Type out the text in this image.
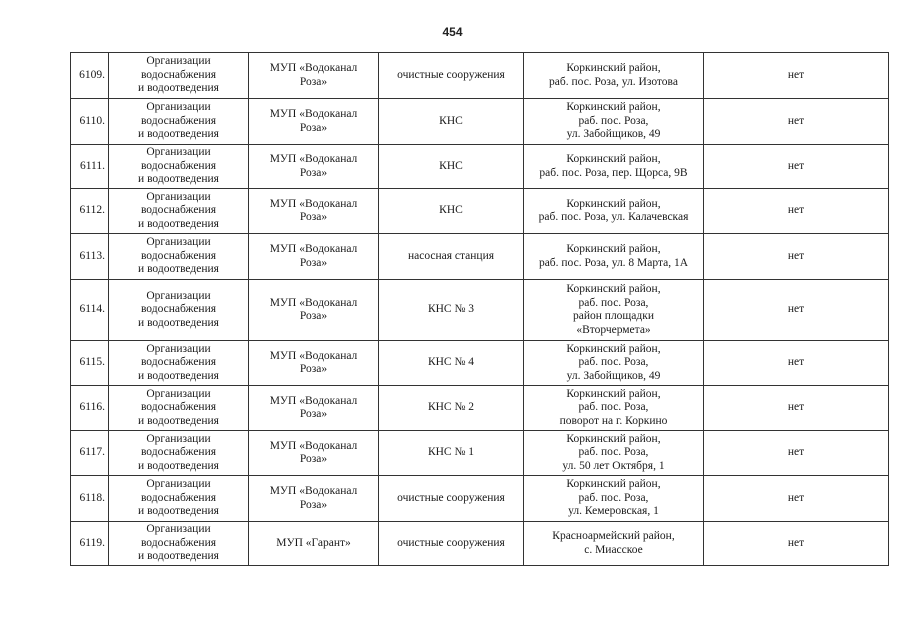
454
6109.	Организации
водоснабжения
и водоотведения	МУП «Водоканал
Роза»	очистные сооружения	Коркинский район,
раб. пос. Роза, ул. Изотова	нет
6110.	Организации
водоснабжения
и водоотведения	МУП «Водоканал
Роза»	КНС	Коркинский район,
раб. пос. Роза,
ул. Забойщиков, 49	нет
6111.	Организации
водоснабжения
и водоотведения	МУП «Водоканал
Роза»	КНС	Коркинский район,
раб. пос. Роза, пер. Щорса, 9В	нет
6112.	Организации
водоснабжения
и водоотведения	МУП «Водоканал
Роза»	КНС	Коркинский район,
раб. пос. Роза, ул. Калачевская	нет
6113.	Организации
водоснабжения
и водоотведения	МУП «Водоканал
Роза»	насосная станция	Коркинский район,
раб. пос. Роза, ул. 8 Марта, 1А	нет
6114.	Организации
водоснабжения
и водоотведения	МУП «Водоканал
Роза»	КНС № 3	Коркинский район,
раб. пос. Роза,
район площадки
«Вторчермета»	нет
6115.	Организации
водоснабжения
и водоотведения	МУП «Водоканал
Роза»	КНС № 4	Коркинский район,
раб. пос. Роза,
ул. Забойщиков, 49	нет
6116.	Организации
водоснабжения
и водоотведения	МУП «Водоканал
Роза»	КНС № 2	Коркинский район,
раб. пос. Роза,
поворот на г. Коркино	нет
6117.	Организации
водоснабжения
и водоотведения	МУП «Водоканал
Роза»	КНС № 1	Коркинский район,
раб. пос. Роза,
ул. 50 лет Октября, 1	нет
6118.	Организации
водоснабжения
и водоотведения	МУП «Водоканал
Роза»	очистные сооружения	Коркинский район,
раб. пос. Роза,
ул. Кемеровская, 1	нет
6119.	Организации
водоснабжения
и водоотведения	МУП «Гарант»	очистные сооружения	Красноармейский район,
с. Миасское	нет
